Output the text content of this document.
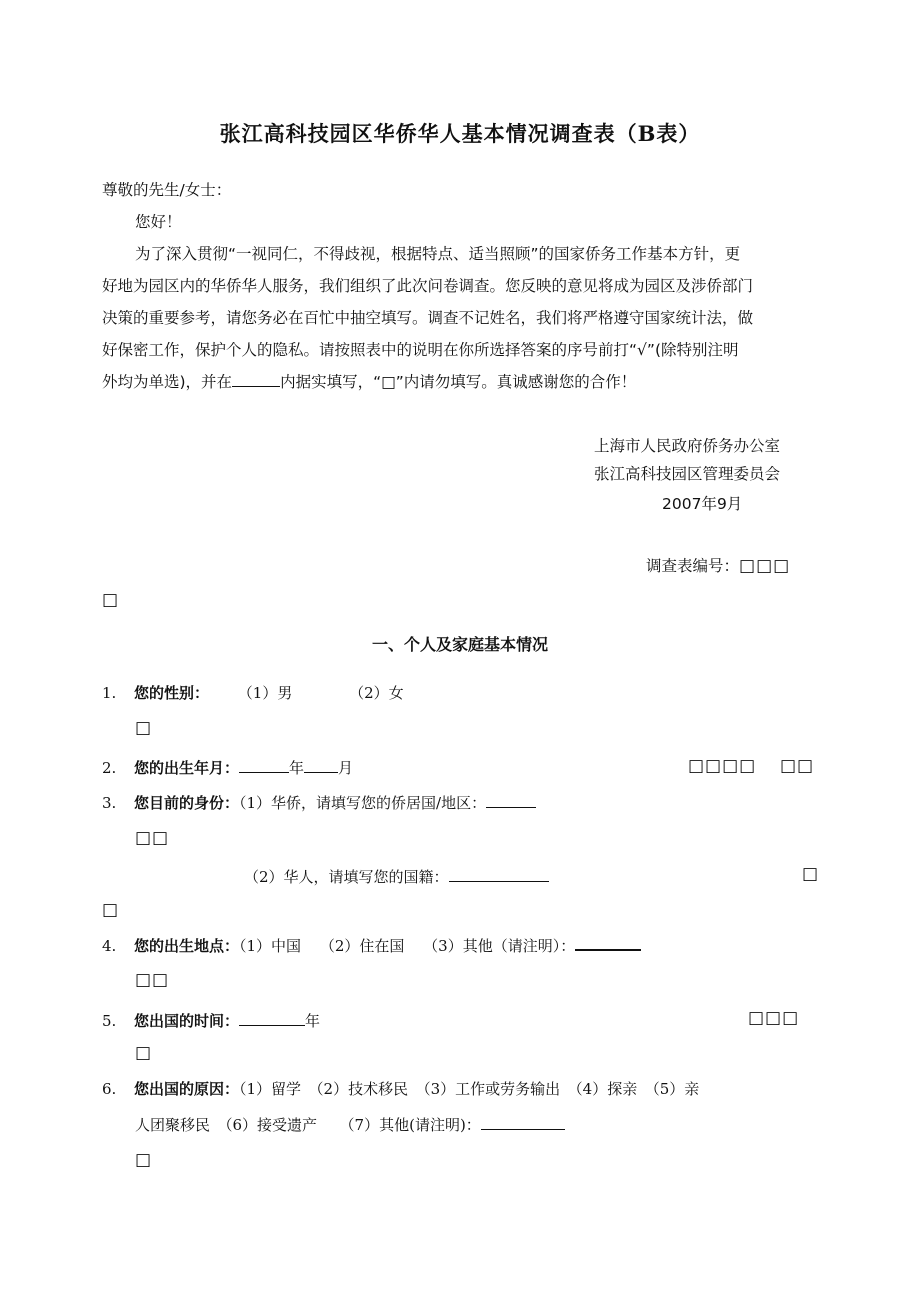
张江高科技园区华侨华人基本情况调查表（B表）
尊敬的先生/女士：
您好！
为了深入贯彻“一视同仁，不得歧视，根据特点、适当照顾”的国家侨务工作基本方针，更
好地为园区内的华侨华人服务，我们组织了此次问卷调查。您反映的意见将成为园区及涉侨部门
决策的重要参考，请您务必在百忙中抽空填写。调查不记姓名，我们将严格遵守国家统计法，做
好保密工作，保护个人的隐私。请按照表中的说明在你所选择答案的序号前打“√”(除特别注明
外均为单选)，并在	内据实填写，“□”内请勿填写。真诚感谢您的合作！
上海市人民政府侨务办公室
张江高科技园区管理委员会
2007年9月
调查表编号：□□□
□
一、个人及家庭基本情况
1. 您的性别： （1）男	（2）女
□
2. 您的出生年月：	年 月	□□□□ □□
3. 您目前的身份：（1）华侨，请填写您的侨居国/地区：
□□
（2）华人，请填写您的国籍：	□
□
4. 您的出生地点：（1）中国 （2）住在国 （3）其他（请注明）：
□□
5. 您出国的时间：	年	□□□
□
6. 您出国的原因：（1）留学　（2）技术移民　（3）工作或劳务输出　（4）探亲　（5）亲
人团聚移民　（6）接受遗产　　（7）其他(请注明)：
□
